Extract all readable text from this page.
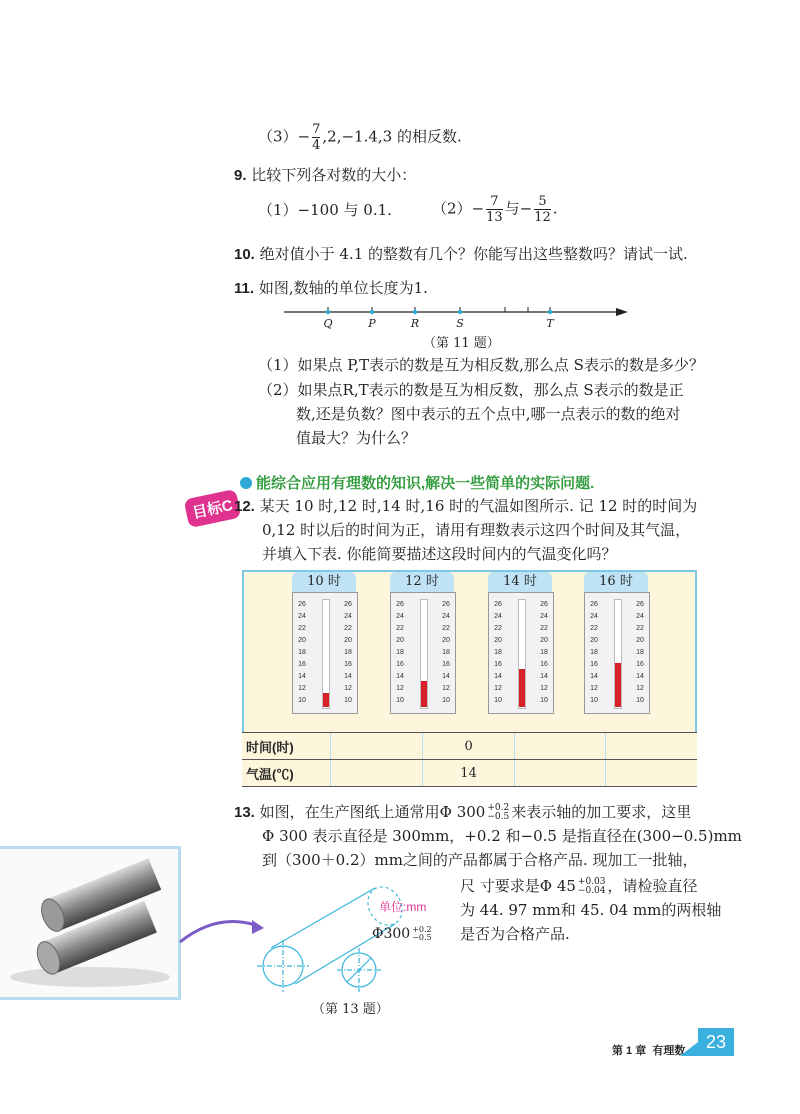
$(3)- \frac{7}{4} ,2,-1.4,3$ 的相反数.
9. 比较下列各对数的大小：
（1）−100 与 0.1.	$(2)- \frac{7}{13}$ 与− $\frac{5}{12}$ .
10. 绝对值小于 4.1 的整数有几个？你能写出这些整数吗？请试一试.
11. 如图,数轴的单位长度为1.
Q	P	R	S	T
（第 11 题）
（1）如果点 P,T表示的数是互为相反数,那么点 S表示的数是多少？
（2）如果点R,T表示的数是互为相反数，那么点 S表示的数是正
数,还是负数？图中表示的五个点中,哪一点表示的数的绝对
值最大？为什么？
能综合应用有理数的知识,解决一些简单的实际问题.
目标C 12. 某天 10 时,12 时,14 时,16 时的气温如图所示. 记 12 时的时间为
0,12 时以后的时间为正，请用有理数表示这四个时间及其气温，
并填入下表. 你能简要描述这段时间内的气温变化吗？
10 时
26
24
22
20
18
16
14
12
10
26
24
22
20
18
16
14
12
10
12 时
26
24
22
20
18
16
14
12
10
26
24
22
20
18
16
14
12
10
14 时
26
24
22
20
18
16
14
12
10
26
24
22
20
18
16
14
12
10
16 时
26
24
22
20
18
16
14
12
10
26
24
22
20
18
16
14
12
10
时间(时)		0		
气温(℃)		14		
13. 如图，在生产图纸上通常用Φ 300 +0.2
−0.5 来表示轴的加工要求，这里
Φ 300 表示直径是 300mm，+0.2 和−0.5 是指直径在(300−0.5)mm
到（300＋0.2）mm之间的产品都属于合格产品. 现加工一批轴，
尺 寸要求是Φ 45 +0.03
−0.04 ，请检验直径
为 44. 97 mm和 45. 04 mm的两根轴
是否为合格产品.
单位:mm
Φ300 +0.2
−0.5
（第 13 题）
第 1 章 有理数	23
